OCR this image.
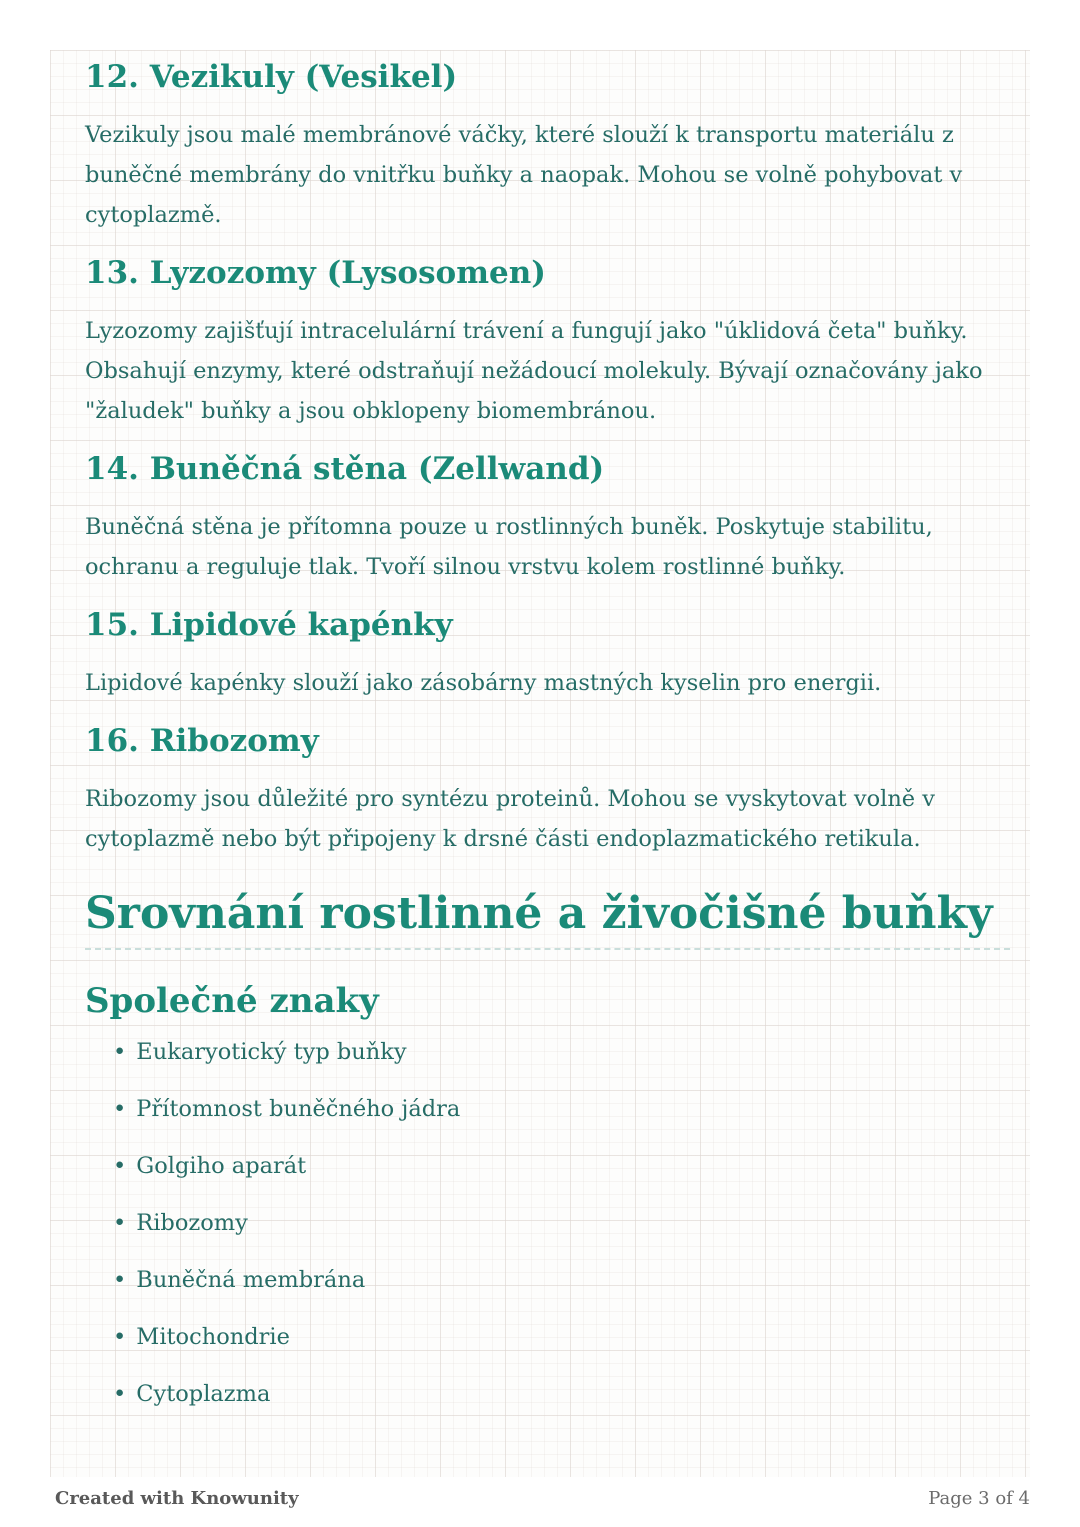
12. Vezikuly (Vesikel)

Vezikuly jsou malé membránové váčky, které slouží k transportu materiálu z buněčné membrány do vnitřku buňky a naopak. Mohou se volně pohybovat v cytoplazmě.

13. Lyzozomy (Lysosomen)

Lyzozomy zajišťují intracelulární trávení a fungují jako "úklidová četa" buňky. Obsahují enzymy, které odstraňují nežádoucí molekuly. Bývají označovány jako "žaludek" buňky a jsou obklopeny biomembránou.

14. Buněčná stěna (Zellwand)

Buněčná stěna je přítomna pouze u rostlinných buněk. Poskytuje stabilitu, ochranu a reguluje tlak. Tvoří silnou vrstvu kolem rostlinné buňky.

15. Lipidové kapénky

Lipidové kapénky slouží jako zásobárny mastných kyselin pro energii.

16. Ribozomy

Ribozomy jsou důležité pro syntézu proteinů. Mohou se vyskytovat volně v cytoplazmě nebo být připojeny k drsné části endoplazmatického retikula.

Srovnání rostlinné a živočišné buňky
Společné znaky
• Eukaryotický typ buňky
• Přítomnost buněčného jádra
• Golgiho aparát
• Ribozomy
• Buněčná membrána
• Mitochondrie
• Cytoplazma
Created with Knowunity	Page 3 of 4
